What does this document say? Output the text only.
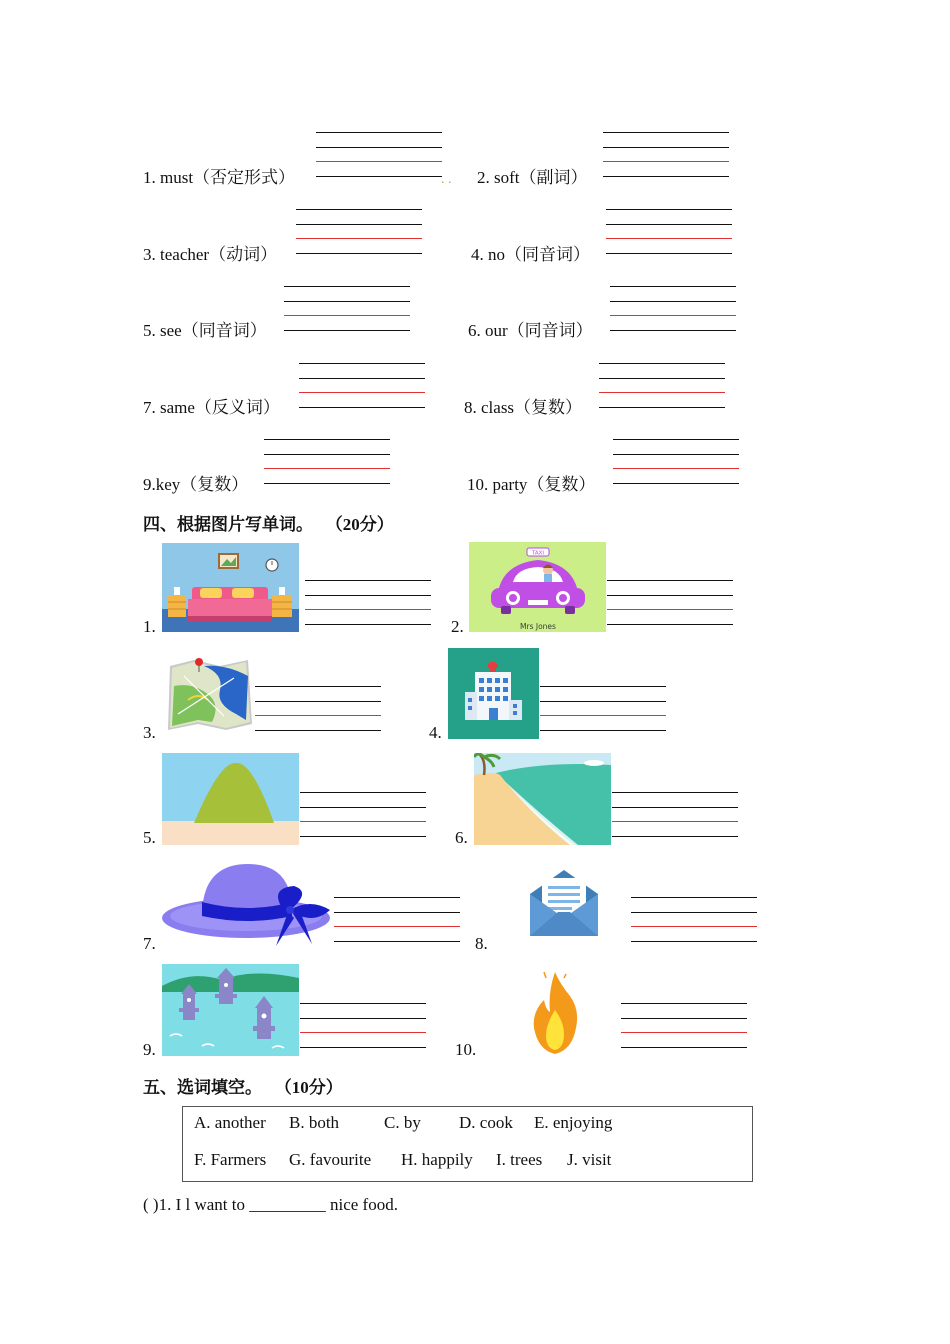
1. must（否定形式）	. . 2. soft（副词）
3. teacher（动词）	4. no（同音词）
5. see（同音词）	6. our（同音词）
7. same（反义词）	8. class（复数）
9.key（复数）	10. party（复数）
四、根据图片写单词。 （20分）
1.	2.
TAXI
Mrs Jones
3.	4.
5.	6.
7.	8.
9.	10.
五、选词填空。 （10分）
A. another B. both	C. by D. cook E. enjoying
F. Farmers G. favourite H. happily I. trees J. visit
( )1. I l want to _________ nice food.
